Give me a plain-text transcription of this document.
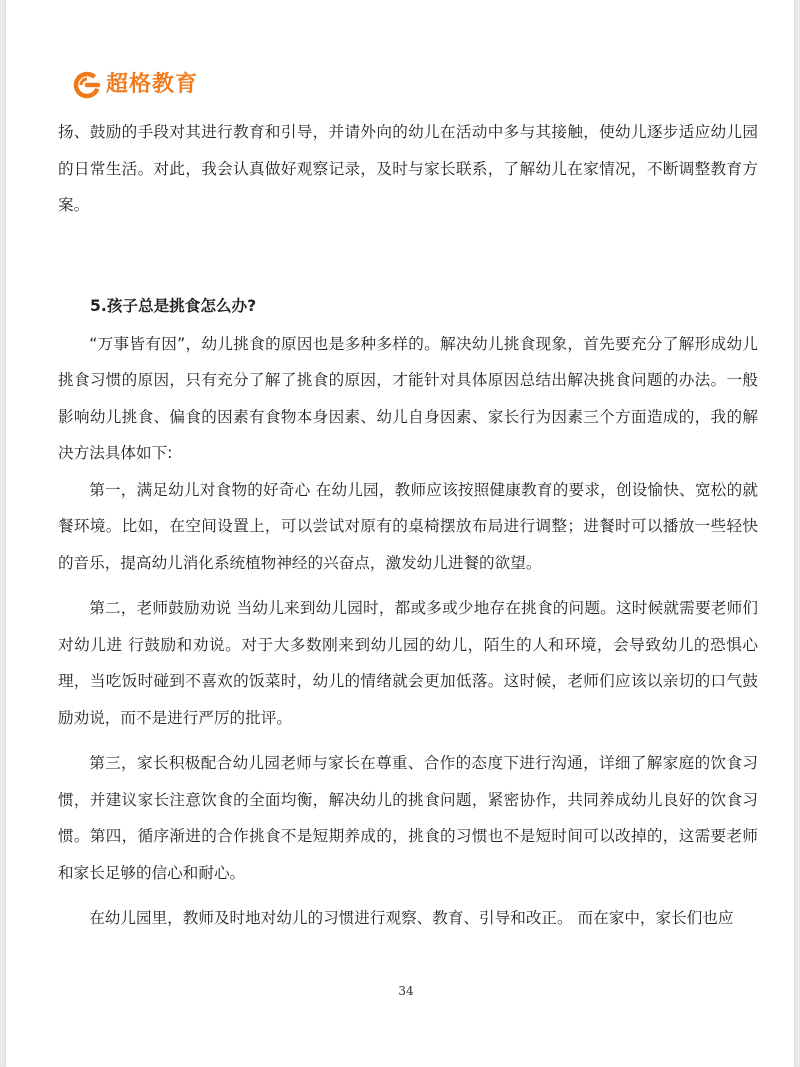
超格教育

扬、鼓励的手段对其进行教育和引导，并请外向的幼儿在活动中多与其接触，使幼儿逐步适应幼儿园的日常生活。对此，我会认真做好观察记录，及时与家长联系，了解幼儿在家情况，不断调整教育方案。

5.孩子总是挑食怎么办?

“万事皆有因”，幼儿挑食的原因也是多种多样的。解决幼儿挑食现象，首先要充分了解形成幼儿挑食习惯的原因，只有充分了解了挑食的原因，才能针对具体原因总结出解决挑食问题的办法。一般影响幼儿挑食、偏食的因素有食物本身因素、幼儿自身因素、家长行为因素三个方面造成的，我的解决方法具体如下:

第一，满足幼儿对食物的好奇心 在幼儿园，教师应该按照健康教育的要求，创设愉快、宽松的就餐环境。比如，在空间设置上，可以尝试对原有的桌椅摆放布局进行调整；进餐时可以播放一些轻快的音乐，提高幼儿消化系统植物神经的兴奋点，激发幼儿进餐的欲望。

第二，老师鼓励劝说 当幼儿来到幼儿园时，都或多或少地存在挑食的问题。这时候就需要老师们对幼儿进 行鼓励和劝说。对于大多数刚来到幼儿园的幼儿，陌生的人和环境，会导致幼儿的恐惧心理，当吃饭时碰到不喜欢的饭菜时，幼儿的情绪就会更加低落。这时候，老师们应该以亲切的口气鼓励劝说，而不是进行严厉的批评。

第三，家长积极配合幼儿园老师与家长在尊重、合作的态度下进行沟通，详细了解家庭的饮食习惯，并建议家长注意饮食的全面均衡，解决幼儿的挑食问题，紧密协作，共同养成幼儿良好的饮食习惯。第四，循序渐进的合作挑食不是短期养成的，挑食的习惯也不是短时间可以改掉的，这需要老师和家长足够的信心和耐心。

在幼儿园里，教师及时地对幼儿的习惯进行观察、教育、引导和改正。 而在家中，家长们也应

34
